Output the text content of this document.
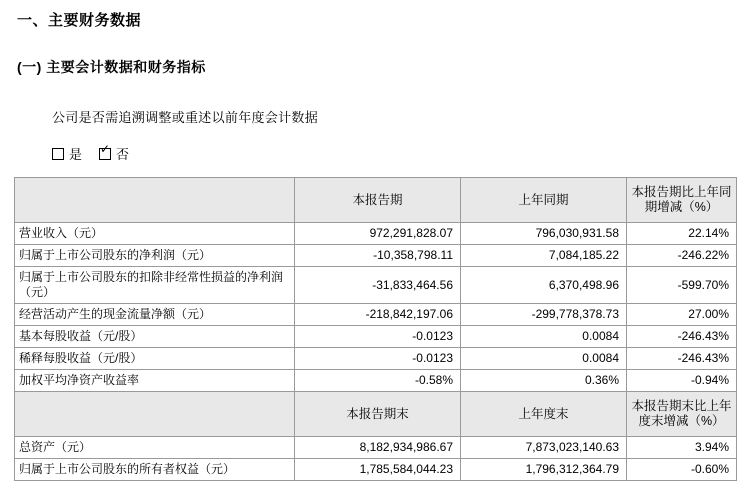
一、主要财务数据
(一) 主要会计数据和财务指标
公司是否需追溯调整或重述以前年度会计数据
是 ✓	否
	本报告期	上年同期	本报告期比上年同期增减（%）
营业收入（元）	972,291,828.07	796,030,931.58	22.14%
归属于上市公司股东的净利润（元）	-10,358,798.11	7,084,185.22	-246.22%
归属于上市公司股东的扣除非经常性损益的净利润（元）	-31,833,464.56	6,370,498.96	-599.70%
经营活动产生的现金流量净额（元）	-218,842,197.06	-299,778,378.73	27.00%
基本每股收益（元/股）	-0.0123	0.0084	-246.43%
稀释每股收益（元/股）	-0.0123	0.0084	-246.43%
加权平均净资产收益率	-0.58%	0.36%	-0.94%
	本报告期末	上年度末	本报告期末比上年度末增减（%）
总资产（元）	8,182,934,986.67	7,873,023,140.63	3.94%
归属于上市公司股东的所有者权益（元）	1,785,584,044.23	1,796,312,364.79	-0.60%
